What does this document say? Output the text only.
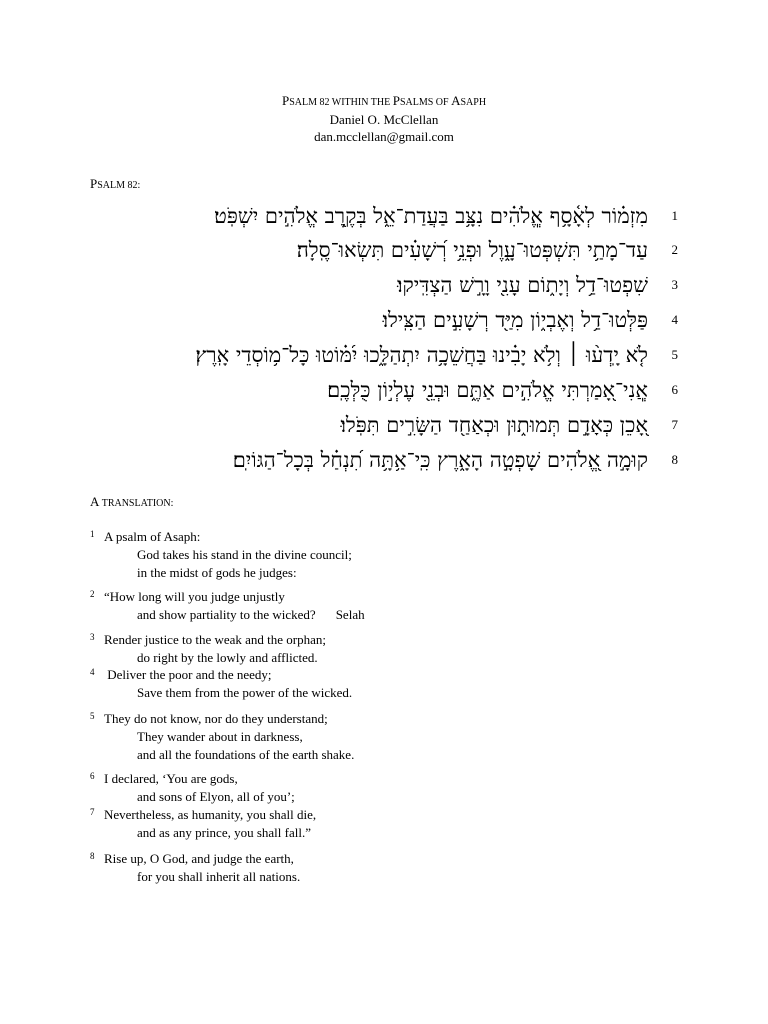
PSALM 82 WITHIN THE PSALMS OF ASAPH
Daniel O. McClellan
dan.mcclellan@gmail.com
PSALM 82:
מִזְמ֗וֹר לְאָ֫סָ֥ף אֱֽלֹהִ֗ים נִצָּ֥ב בַּעֲדַת־אֵ֑ל בְּקֶ֖רֶב אֱלֹהִ֣ים יִשְׁפֹּֽט׃ 1
עַד־מָתַ֥י תִּשְׁפְּטוּ־עָ֑וֶל וּפְנֵ֥י רְ֝שָׁעִ֗ים תִּשְׂאוּ־סֶֽלָה׃ 2
שִׁפְטוּ־דַ֥ל וְיָת֑וֹם עָנִ֖י וָרָ֣שׁ הַצְדִּֽיקוּ׃ 3
פַּלְּטוּ־דַ֥ל וְאֶבְי֑וֹן מִיַּ֖ד רְשָׁעִ֣ים הַצִּֽילוּ׃ 4
לֹ֤א יָֽדְע֨וּ ׀ וְלֹ֥א יָבִ֗ינוּ בַּחֲשֵׁכָ֥ה יִתְהַלָּ֑כוּ יִ֝מּ֗וֹטוּ כָּל־מ֥וֹסְדֵי אָֽרֶץ׃ 5
אֲֽנִי־אָ֭מַרְתִּי אֱלֹהִ֣ים אַתֶּ֑ם וּבְנֵ֖י עֶלְי֣וֹן כֻּלְּכֶֽם׃ 6
אָ֭כֵן כְּאָדָ֣ם תְּמוּת֑וּן וּכְאַחַ֖ד הַשָּׂרִ֣ים תִּפֹּֽלוּ׃ 7
קוּמָ֣ה אֱ֭לֹהִים שָׁפְטָ֣ה הָאָ֑רֶץ כִּֽי־אַ֥תָּ֥ה תִ֝נְחַ֗ל בְּכָל־הַגּוֹיִֽם׃ 8
A TRANSLATION:
1 A psalm of Asaph:
God takes his stand in the divine council;
in the midst of gods he judges:
2 “How long will you judge unjustly
and show partiality to the wicked? Selah
3 Render justice to the weak and the orphan;
do right by the lowly and afflicted.
4 Deliver the poor and the needy;
Save them from the power of the wicked.
5 They do not know, nor do they understand;
They wander about in darkness,
and all the foundations of the earth shake.
6 I declared, ‘You are gods,
and sons of Elyon, all of you’;
7 Nevertheless, as humanity, you shall die,
and as any prince, you shall fall.”
8 Rise up, O God, and judge the earth,
for you shall inherit all nations.
